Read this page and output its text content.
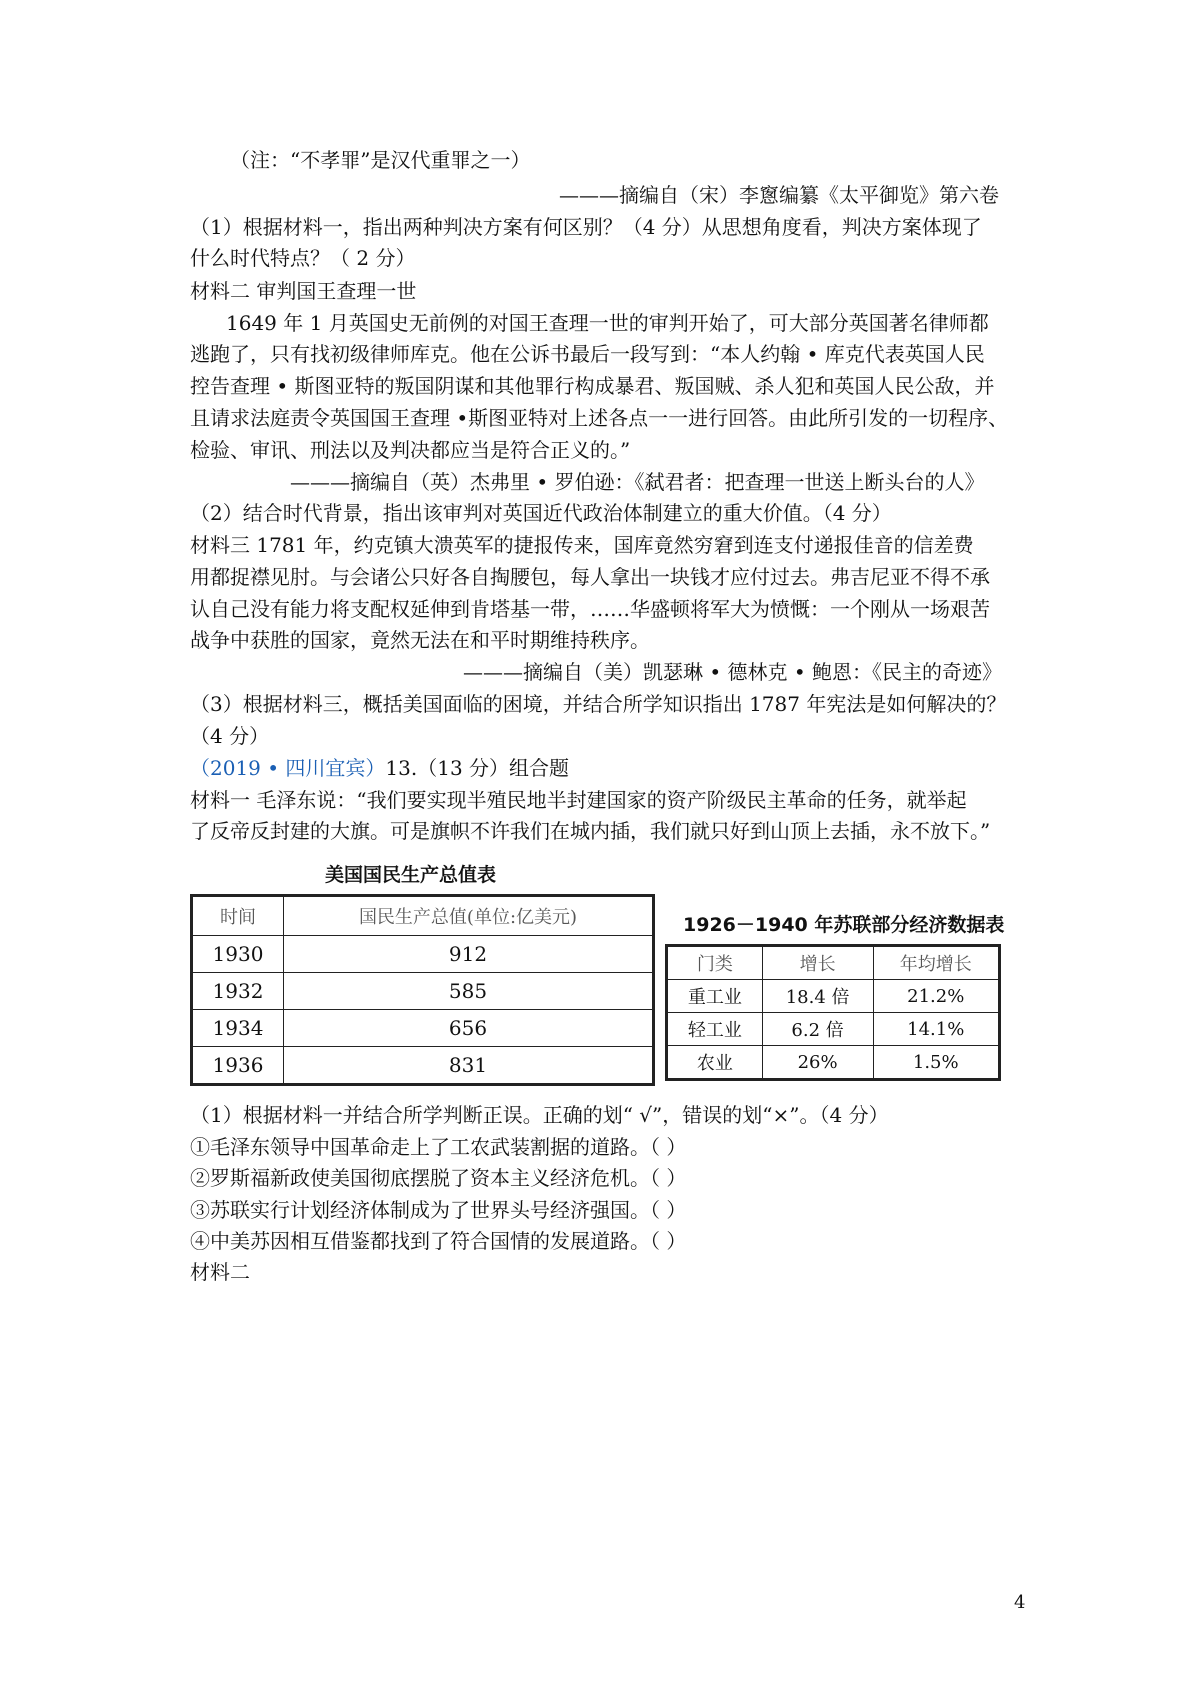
（注：“不孝罪”是汉代重罪之一）
———摘编自（宋）李窻编纂《太平御览》第六卷
（1）根据材料一，指出两种判决方案有何区别？（4 分）从思想角度看，判决方案体现了
什么时代特点？（ 2 分）
材料二 审判国王查理一世
1649 年 1 月英国史无前例的对国王查理一世的审判开始了，可大部分英国著名律师都
逃跑了，只有找初级律师库克。他在公诉书最后一段写到：“本人约翰 • 库克代表英国人民
控告查理 • 斯图亚特的叛国阴谋和其他罪行构成暴君、叛国贼、杀人犯和英国人民公敌，并
且请求法庭责令英国国王查理 •斯图亚特对上述各点一一进行回答。由此所引发的一切程序、
检验、审讯、刑法以及判决都应当是符合正义的。”
———摘编自（英）杰弗里 • 罗伯逊：《弑君者：把查理一世送上断头台的人》
（2）结合时代背景，指出该审判对英国近代政治体制建立的重大价值。（4 分）
材料三 1781 年，约克镇大溃英军的捷报传来，国库竟然穷窘到连支付递报佳音的信差费
用都捉襟见肘。与会诸公只好各自掏腰包，每人拿出一块钱才应付过去。弗吉尼亚不得不承
认自己没有能力将支配权延伸到肯塔基一带，……华盛顿将军大为愤慨：一个刚从一场艰苦
战争中获胜的国家，竟然无法在和平时期维持秩序。
———摘编自（美）凯瑟琳 • 德林克 • 鲍恩：《民主的奇迹》
（3）根据材料三，概括美国面临的困境，并结合所学知识指出 1787 年宪法是如何解决的？
（4 分）
（2019 • 四川宜宾）13.（13 分）组合题
材料一 毛泽东说：“我们要实现半殖民地半封建国家的资产阶级民主革命的任务，就举起
了反帝反封建的大旗。可是旗帜不许我们在城内插，我们就只好到山顶上去插，永不放下。”
美国国民生产总值表
时间	国民生产总值(单位:亿美元)
1930	912
1932	585
1934	656
1936	831
1926－1940 年苏联部分经济数据表
门类	增长	年均增长
重工业	18.4 倍	21.2%
轻工业	6.2 倍	14.1%
农业	26%	1.5%
（1）根据材料一并结合所学判断正误。正确的划“ √”，错误的划“×”。（4 分）
①毛泽东领导中国革命走上了工农武装割据的道路。（ ）
②罗斯福新政使美国彻底摆脱了资本主义经济危机。（ ）
③苏联实行计划经济体制成为了世界头号经济强国。（ ）
④中美苏因相互借鉴都找到了符合国情的发展道路。（ ）
材料二
4
